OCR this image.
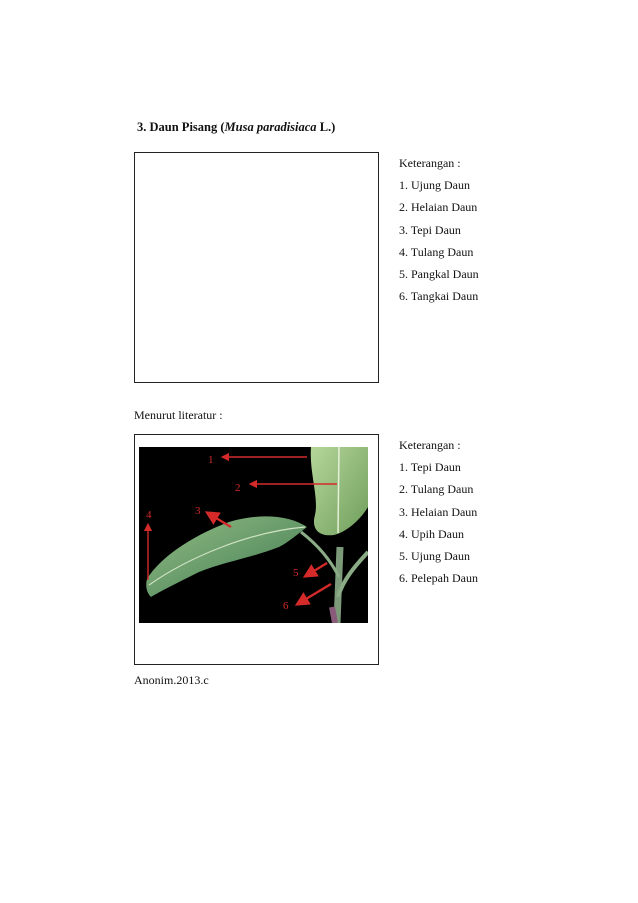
3. Daun Pisang (Musa paradisiaca L.)
Keterangan :
1. Ujung Daun
2. Helaian Daun
3. Tepi Daun
4. Tulang Daun
5. Pangkal Daun
6. Tangkai Daun
Menurut literatur :
1
2
3
4
5
6
Keterangan :
1. Tepi Daun
2. Tulang Daun
3. Helaian Daun
4. Upih Daun
5. Ujung Daun
6. Pelepah Daun
Anonim.2013.c
